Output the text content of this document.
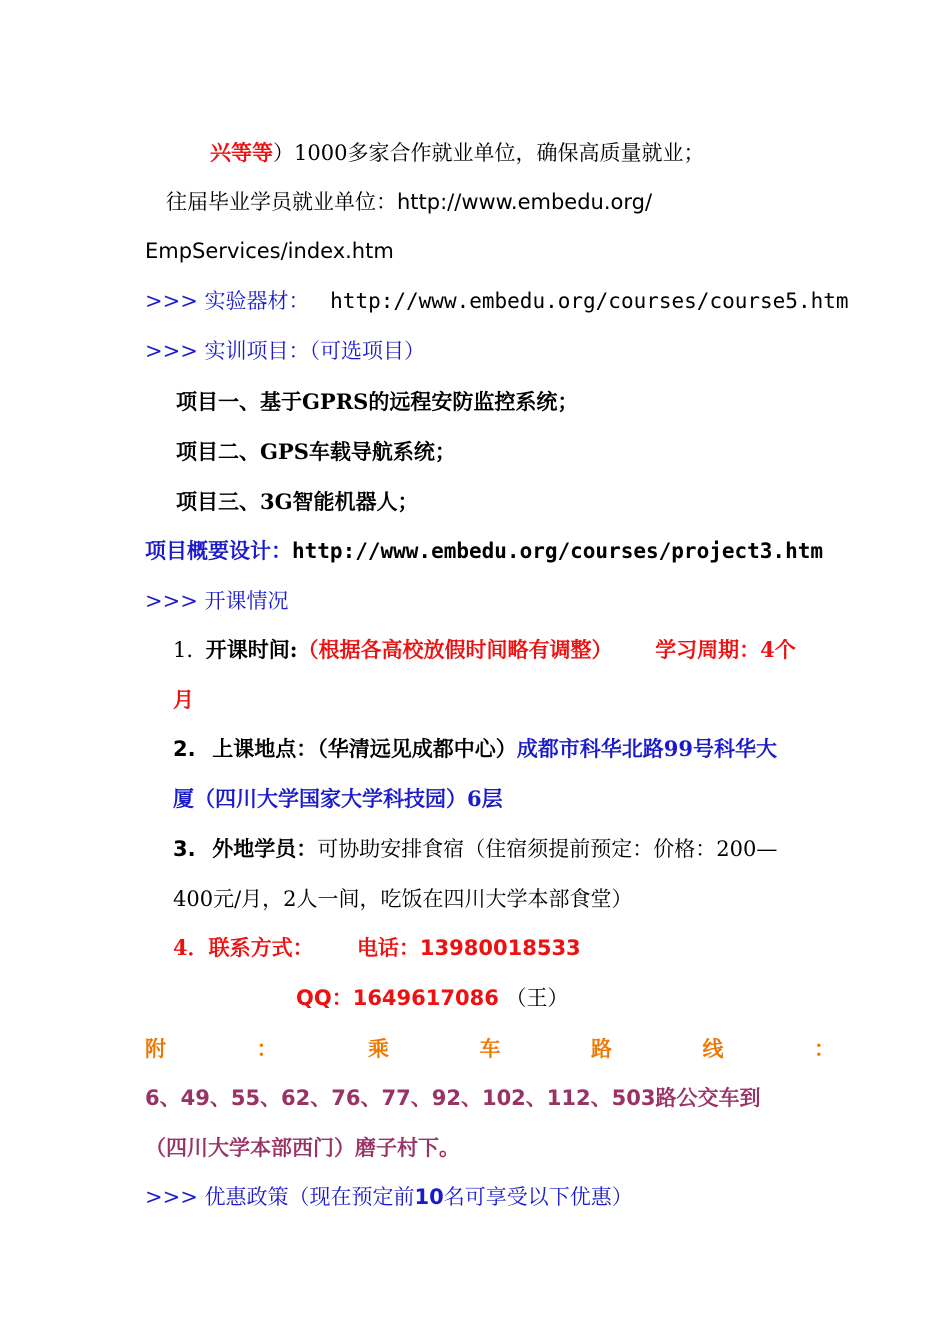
兴等等）1000多家合作就业单位，确保高质量就业；
往届毕业学员就业单位：http://www.embedu.org/
EmpServices/index.htm
>>> 实验器材： http://www.embedu.org/courses/course5.htm
>>> 实训项目：（可选项目）
项目一、基于GPRS的远程安防监控系统；
项目二、GPS车载导航系统；
项目三、3G智能机器人；
项目概要设计：http://www.embedu.org/courses/project3.htm
>>> 开课情况
1. 开课时间:（根据各高校放假时间略有调整） 学习周期：4个
月
2. 上课地点：（华清远见成都中心）成都市科华北路99号科华大
厦（四川大学国家大学科技园）6层
3. 外地学员：可协助安排食宿（住宿须提前预定：价格：200—
400元/月，2人一间，吃饭在四川大学本部食堂）
4．联系方式： 电话：13980018533
QQ：1649617086 （王）
附	：	乘	车	路	线	：
6、49、55、62、76、77、92、102、112、503路公交车到
（四川大学本部西门）磨子村下。
>>> 优惠政策（现在预定前10名可享受以下优惠）
